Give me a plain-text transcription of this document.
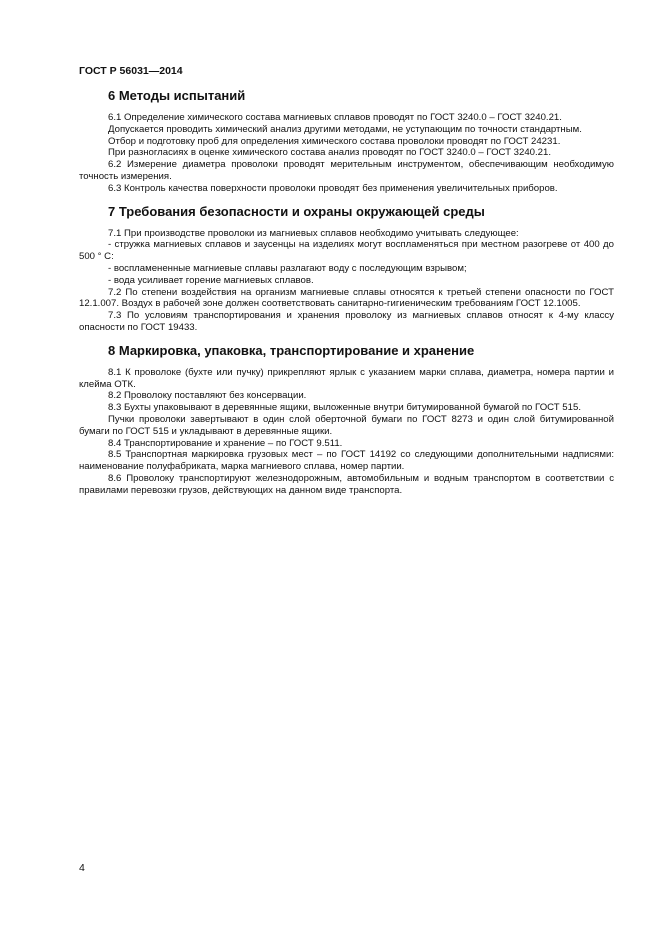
ГОСТ Р 56031—2014
6 Методы испытаний

6.1 Определение химического состава магниевых сплавов проводят по ГОСТ 3240.0 – ГОСТ 3240.21.

Допускается проводить химический анализ другими методами, не уступающим по точности стандартным.

Отбор и подготовку проб для определения химического состава проволоки проводят по ГОСТ 24231.

При разногласиях в оценке химического состава анализ проводят по ГОСТ 3240.0 – ГОСТ 3240.21.

6.2 Измерение диаметра проволоки проводят мерительным инструментом, обеспечивающим необходимую точность измерения.

6.3 Контроль качества поверхности проволоки проводят без применения увеличительных приборов.

7 Требования безопасности и охраны окружающей среды

7.1 При производстве проволоки из магниевых сплавов необходимо учитывать следующее:

- стружка магниевых сплавов и заусенцы на изделиях могут воспламеняться при местном разогреве от 400 до 500 ° С:

- воспламененные магниевые сплавы разлагают воду с последующим взрывом;

- вода усиливает горение магниевых сплавов.

7.2 По степени воздействия на организм магниевые сплавы относятся к третьей степени опасности по ГОСТ 12.1.007. Воздух в рабочей зоне должен соответствовать санитарно-гигиеническим требованиям ГОСТ 12.1005.

7.3 По условиям транспортирования и хранения проволоку из магниевых сплавов относят к 4-му классу опасности по ГОСТ 19433.

8 Маркировка, упаковка, транспортирование и хранение

8.1 К проволоке (бухте или пучку) прикрепляют ярлык с указанием марки сплава, диаметра, номера партии и клейма ОТК.

8.2 Проволоку поставляют без консервации.

8.3 Бухты упаковывают в деревянные ящики, выложенные внутри битумированной бумагой по ГОСТ 515.

Пучки проволоки завертывают в один слой оберточной бумаги по ГОСТ 8273 и один слой битумированной бумаги по ГОСТ 515 и укладывают в деревянные ящики.

8.4 Транспортирование и хранение – по ГОСТ 9.511.

8.5 Транспортная маркировка грузовых мест – по ГОСТ 14192 со следующими дополнительными надписями: наименование полуфабриката, марка магниевого сплава, номер партии.

8.6 Проволоку транспортируют железнодорожным, автомобильным и водным транспортом в соответствии с правилами перевозки грузов, действующих на данном виде транспорта.

4
